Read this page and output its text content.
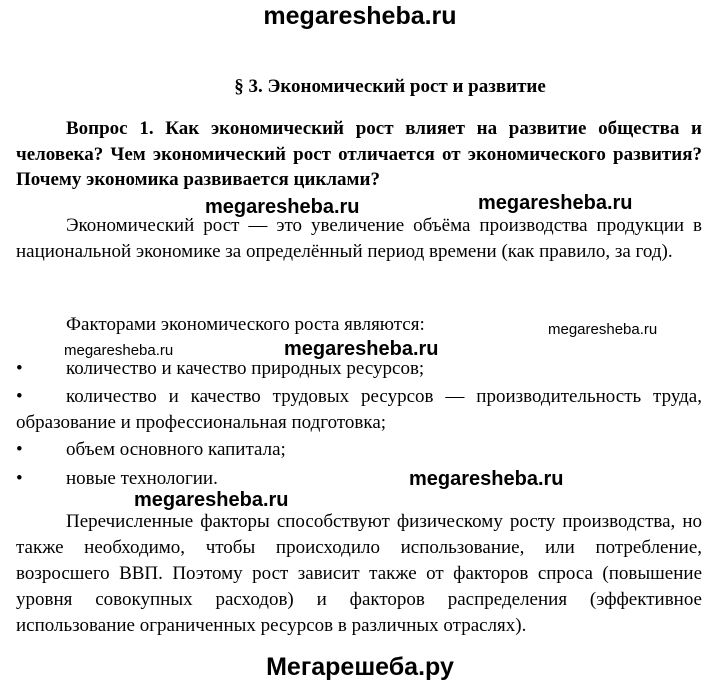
megaresheba.ru
§ 3. Экономический рост и развитие

Вопрос 1. Как экономический рост влияет на развитие общества и человека? Чем экономический рост отличается от экономического развития? Почему экономика развивается циклами?

Экономический рост — это увеличение объёма производства продукции в национальной экономике за определённый период времени (как правило, за год).

Факторами экономического роста являются:

•	количество и качество природных ресурсов;
•	количество и качество трудовых ресурсов — производительность труда, образование и профессиональная подготовка;
•	объем основного капитала;
•	новые технологии.

Перечисленные факторы способствуют физическому росту производства, но также необходимо, чтобы происходило использование, или потребление, возросшего ВВП. Поэтому рост зависит также от факторов спроса (повышение уровня совокупных расходов) и факторов распределения (эффективное использование ограниченных ресурсов в различных отраслях).

megaresheba.ru	megaresheba.ru
megaresheba.ru
megaresheba.ru	megaresheba.ru
megaresheba.ru
megaresheba.ru
Мегарешеба.ру
